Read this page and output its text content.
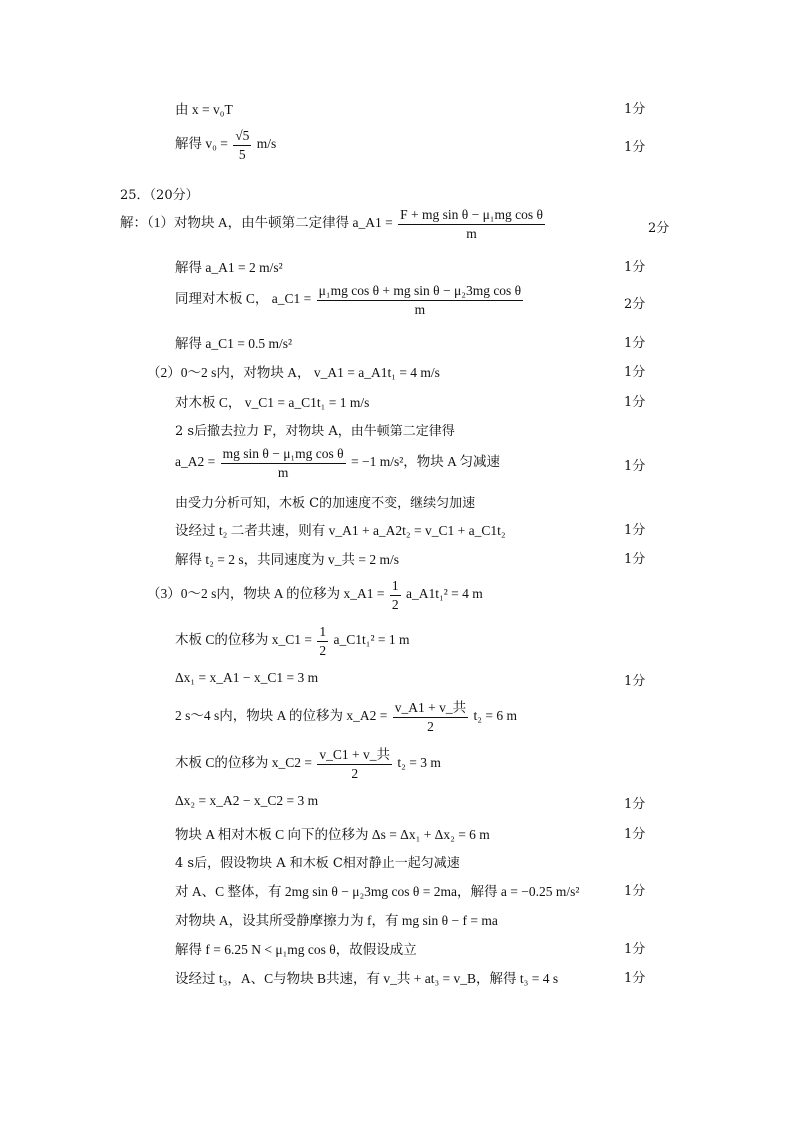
由 x = v₀T	1分
解得 $v_0 = \frac{√5}{5} m/s$	1分
25．（20分）
解：（1）对物块 A，由牛顿第二定律得 a_A1 = $\frac{\text{F + mg sin θ − μ₁mg cos θ}}{m}$	2分
解得 a_A1 = 2 m/s²	1分
同理对木板 C， a_C1 = $\frac{\text{μ₁mg cos θ + mg sin θ − μ₂3mg cos θ}}{m}$	2分
解得 a_C1 = 0.5 m/s²	1分
（2）0～2 s内，对物块 A， v_A1 = a_A1t₁ = 4 m/s	1分
对木板 C， v_C1 = a_C1t₁ = 1 m/s	1分
2 s后撤去拉力 F，对物块 A，由牛顿第二定律得
a_A2 = $\frac{\text{mg sin θ − μ₁mg cos θ}}{m} = -1$ m/s²，物块 A 匀减速	1分
由受力分析可知，木板 C的加速度不变，继续匀加速
设经过 t₂ 二者共速，则有 v_A1 + a_A2t₂ = v_C1 + a_C1t₂	1分
解得 t₂ = 2 s，共同速度为 v_共 = 2 m/s	1分
（3）0～2 s内，物块 A 的位移为 x_A1 = $\frac{1}{2}$ a_A1t₁² = 4 m
木板 C的位移为 x_C1 = $\frac{1}{2}$ a_C1t₁² = 1 m
Δx₁ = x_A1 − x_C1 = 3 m	1分
2 s～4 s内，物块 A 的位移为 x_A2 = $\frac{\text{v\_A1 + v\_共}}{2} t_2 = 6$ m
木板 C的位移为 x_C2 = $\frac{\text{v\_C1 + v\_共}}{2} t_2 = 3$ m
Δx₂ = x_A2 − x_C2 = 3 m	1分
物块 A 相对木板 C 向下的位移为 Δs = Δx₁ + Δx₂ = 6 m	1分
4 s后，假设物块 A 和木板 C相对静止一起匀减速
对 A、C 整体，有 2mg sin θ − μ₂3mg cos θ = 2ma，解得 a = −0.25 m/s²	1分
对物块 A，设其所受静摩擦力为 f，有 mg sin θ − f = ma
解得 f = 6.25 N < μ₁mg cos θ，故假设成立	1分
设经过 t₃，A、C与物块 B共速，有 v_共 + at₃ = v_B，解得 t₃ = 4 s	1分
